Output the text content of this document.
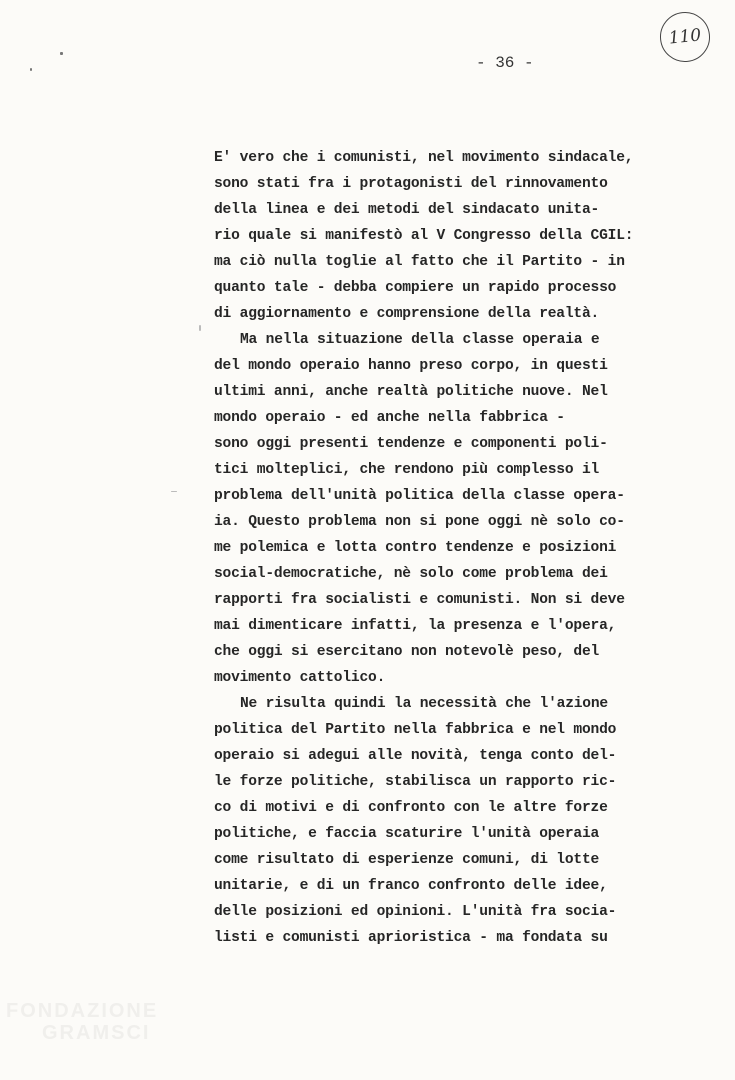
110
- 36 -
E' vero che i comunisti, nel movimento sindacale,
sono stati fra i protagonisti del rinnovamento
della linea e dei metodi del sindacato unita-
rio quale si manifestò al V Congresso della CGIL:
ma ciò nulla toglie al fatto che il Partito - in
quanto tale - debba compiere un rapido processo
di aggiornamento e comprensione della realtà.
Ma nella situazione della classe operaia e
del mondo operaio hanno preso corpo, in questi
ultimi anni, anche realtà politiche nuove. Nel
mondo operaio - ed anche nella fabbrica -
sono oggi presenti tendenze e componenti poli-
tici molteplici, che rendono più complesso il
problema dell'unità politica della classe opera-
ia. Questo problema non si pone oggi nè solo co-
me polemica e lotta contro tendenze e posizioni
social-democratiche, nè solo come problema dei
rapporti fra socialisti e comunisti. Non si deve
mai dimenticare infatti, la presenza e l'opera,
che oggi si esercitano non notevolè peso, del
movimento cattolico.
Ne risulta quindi la necessità che l'azione
politica del Partito nella fabbrica e nel mondo
operaio si adegui alle novità, tenga conto del-
le forze politiche, stabilisca un rapporto ric-
co di motivi e di confronto con le altre forze
politiche, e faccia scaturire l'unità operaia
come risultato di esperienze comuni, di lotte
unitarie, e di un franco confronto delle idee,
delle posizioni ed opinioni. L'unità fra socia-
listi e comunisti aprioristica - ma fondata su
FONDAZIONE
GRAMSCI
